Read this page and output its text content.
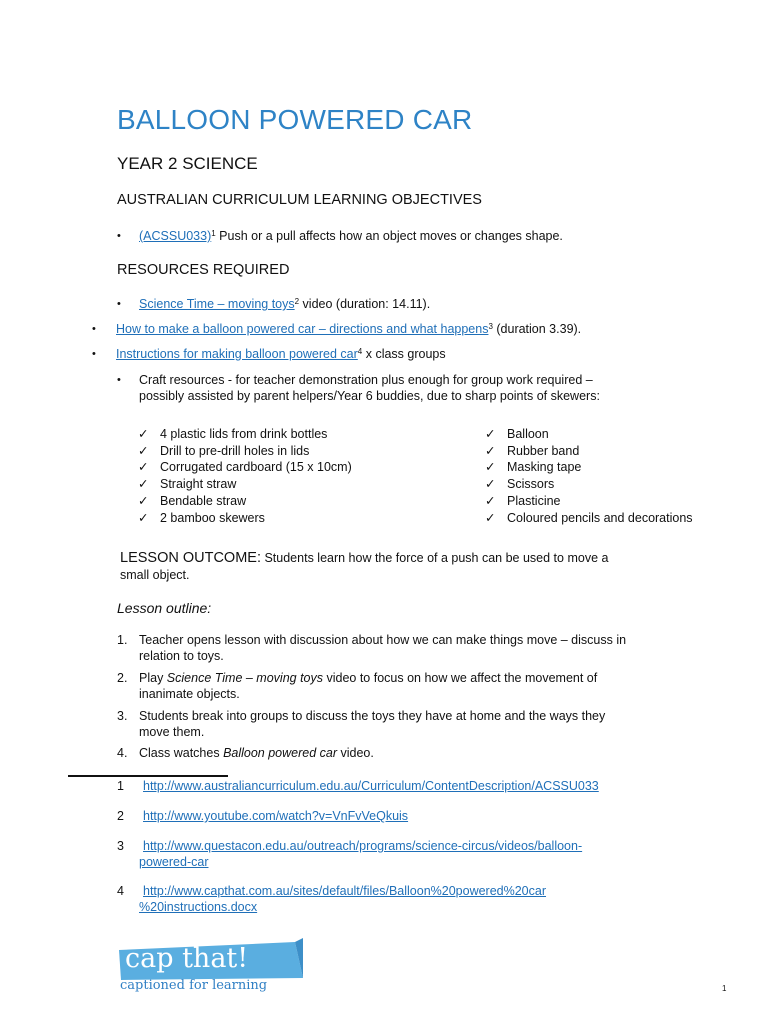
BALLOON POWERED CAR
YEAR 2 SCIENCE
AUSTRALIAN CURRICULUM LEARNING OBJECTIVES
• (ACSSU033)$^1$ Push or a pull affects how an object moves or changes shape.
RESOURCES REQUIRED
• Science Time – moving toys$^2$ video (duration: 14.11).
• How to make a balloon powered car – directions and what happens$^3$ (duration 3.39).
• Instructions for making balloon powered car$^4$ x class groups
• Craft resources - for teacher demonstration plus enough for group work required –
possibly assisted by parent helpers/Year 6 buddies, due to sharp points of skewers:
✓ 4 plastic lids from drink bottles
✓ Drill to pre-drill holes in lids
✓ Corrugated cardboard (15 x 10cm)
✓ Straight straw
✓ Bendable straw
✓ 2 bamboo skewers
✓ Balloon
✓ Rubber band
✓ Masking tape
✓ Scissors
✓ Plasticine
✓ Coloured pencils and decorations
LESSON OUTCOME: Students learn how the force of a push can be used to move a
small object.
Lesson outline:
1. Teacher opens lesson with discussion about how we can make things move – discuss in
relation to toys.
2. Play Science Time – moving toys video to focus on how we affect the movement of
inanimate objects.
3. Students break into groups to discuss the toys they have at home and the ways they
move them.
4. Class watches Balloon powered car video.
1 http://www.australiancurriculum.edu.au/Curriculum/ContentDescription/ACSSU033
2 http://www.youtube.com/watch?v=VnFvVeQkuis
3 http://www.questacon.edu.au/outreach/programs/science-circus/videos/balloon-
powered-car
4 http://www.capthat.com.au/sites/default/files/Balloon%20powered%20car
%20instructions.docx
cap that!
captioned for learning	1
